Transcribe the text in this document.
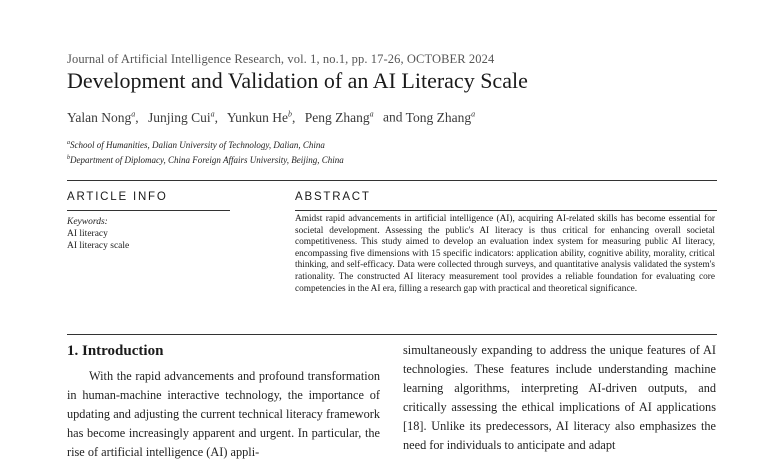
Journal of Artificial Intelligence Research, vol. 1, no.1, pp. 17-26, OCTOBER 2024
Development and Validation of an AI Literacy Scale
Yalan Nong$^a$, Junjing Cui$^a$, Yunkun He$^b$, Peng Zhang$^a$ and Tong Zhang$^a$
$^a$School of Humanities, Dalian University of Technology, Dalian, China
$^b$Department of Diplomacy, China Foreign Affairs University, Beijing, China
ARTICLE INFO	ABSTRACT
Keywords:
AI literacy
AI literacy scale
Amidst rapid advancements in artificial intelligence (AI), acquiring AI-related skills has become essential for societal development. Assessing the public's AI literacy is thus critical for enhancing overall societal competitiveness. This study aimed to develop an evaluation index system for measuring public AI literacy, encompassing five dimensions with 15 specific indicators: application ability, cognitive ability, morality, critical thinking, and self-efficacy. Data were collected through surveys, and quantitative analysis validated the system's rationality. The constructed AI literacy measurement tool provides a reliable foundation for evaluating core competencies in the AI era, filling a research gap with practical and theoretical significance.
1. Introduction
With the rapid advancements and profound transformation in human-machine interactive technology, the importance of updating and adjusting the current technical literacy framework has become increasingly apparent and urgent. In particular, the rise of artificial intelligence (AI) appli-
simultaneously expanding to address the unique features of AI technologies. These features include understanding machine learning algorithms, interpreting AI-driven outputs, and critically assessing the ethical implications of AI applications [18]. Unlike its predecessors, AI literacy also emphasizes the need for individuals to anticipate and adapt
